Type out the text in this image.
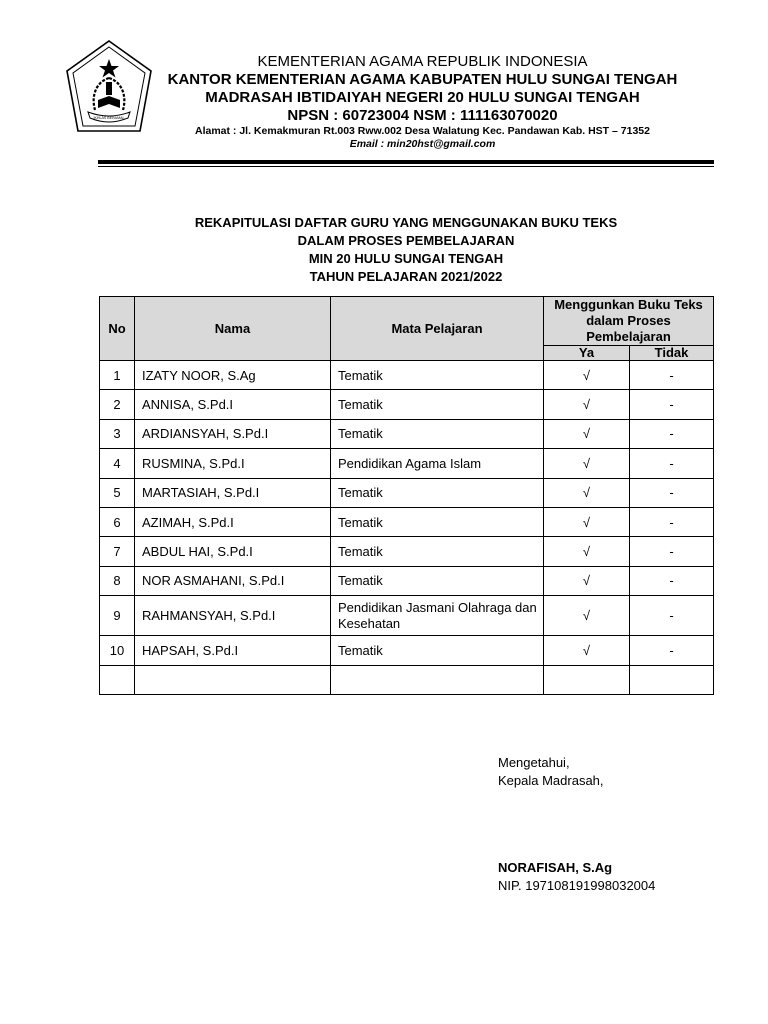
IKHLAS BERAMAL
KEMENTERIAN AGAMA REPUBLIK INDONESIA
KANTOR KEMENTERIAN AGAMA KABUPATEN HULU SUNGAI TENGAH
MADRASAH IBTIDAIYAH NEGERI 20 HULU SUNGAI TENGAH
NPSN : 60723004 NSM : 111163070020
Alamat : Jl. Kemakmuran Rt.003 Rww.002 Desa Walatung Kec. Pandawan Kab. HST – 71352
Email : min20hst@gmail.com
REKAPITULASI DAFTAR GURU YANG MENGGUNAKAN BUKU TEKS
DALAM PROSES PEMBELAJARAN
MIN 20 HULU SUNGAI TENGAH
TAHUN PELAJARAN 2021/2022
No	Nama	Mata Pelajaran	Menggunkan Buku Teks dalam Proses Pembelajaran	
			Ya	Tidak
1	IZATY NOOR, S.Ag	Tematik	√	-
2	ANNISA, S.Pd.I	Tematik	√	-
3	ARDIANSYAH, S.Pd.I	Tematik	√	-
4	RUSMINA, S.Pd.I	Pendidikan Agama Islam	√	-
5	MARTASIAH, S.Pd.I	Tematik	√	-
6	AZIMAH, S.Pd.I	Tematik	√	-
7	ABDUL HAI, S.Pd.I	Tematik	√	-
8	NOR ASMAHANI, S.Pd.I	Tematik	√	-
9	RAHMANSYAH, S.Pd.I	Pendidikan Jasmani Olahraga dan Kesehatan	√	-
10	HAPSAH, S.Pd.I	Tematik	√	-

Mengetahui,
Kepala Madrasah,
NORAFISAH, S.Ag
NIP. 197108191998032004
